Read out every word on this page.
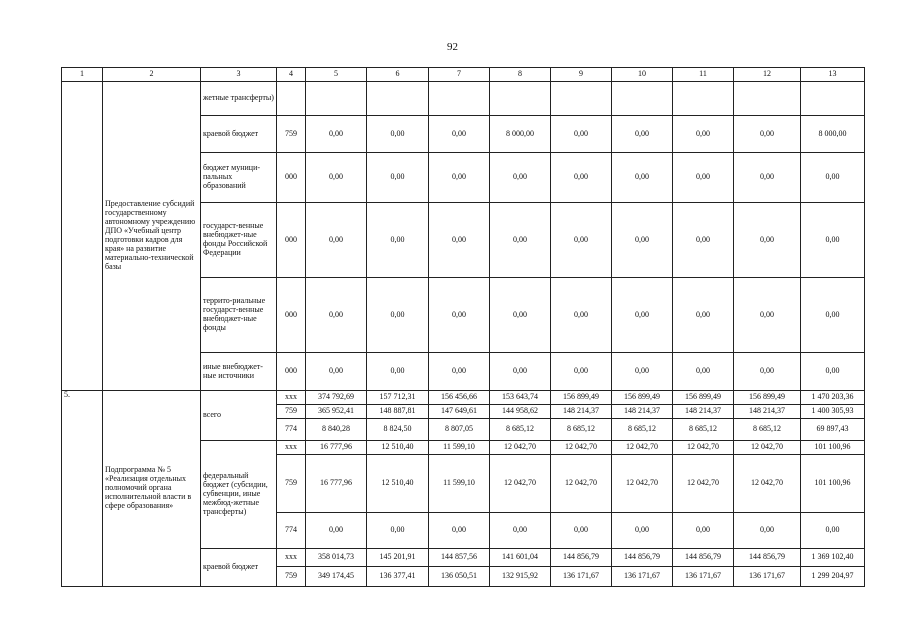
92
1	2	3	4	5	6	7	8	9	10	11	12	13
	Предоставление субсидий государственному автономному учреждению ДПО «Учебный центр подготовки кадров для края» на развитие материально-технической базы	жетные трансферты)										
		краевой бюджет	759	0,00	0,00	0,00	8 000,00	0,00	0,00	0,00	0,00	8 000,00
		бюджет муници-пальных образований	000	0,00	0,00	0,00	0,00	0,00	0,00	0,00	0,00	0,00
		государст-венные внебюджет-ные фонды Российской Федерации	000	0,00	0,00	0,00	0,00	0,00	0,00	0,00	0,00	0,00
		террито-риальные государст-венные внебюджет-ные фонды	000	0,00	0,00	0,00	0,00	0,00	0,00	0,00	0,00	0,00
		иные внебюджет-ные источники	000	0,00	0,00	0,00	0,00	0,00	0,00	0,00	0,00	0,00
5.	Подпрограмма № 5 «Реализация отдельных полномочий органа исполнительной власти в сфере образования»	всего	ххх	374 792,69	157 712,31	156 456,66	153 643,74	156 899,49	156 899,49	156 899,49	156 899,49	1 470 203,36
			759	365 952,41	148 887,81	147 649,61	144 958,62	148 214,37	148 214,37	148 214,37	148 214,37	1 400 305,93
			774	8 840,28	8 824,50	8 807,05	8 685,12	8 685,12	8 685,12	8 685,12	8 685,12	69 897,43
		федеральный бюджет (субсидии, субвенции, иные межбюд-жетные трансферты)	ххх	16 777,96	12 510,40	11 599,10	12 042,70	12 042,70	12 042,70	12 042,70	12 042,70	101 100,96
			759	16 777,96	12 510,40	11 599,10	12 042,70	12 042,70	12 042,70	12 042,70	12 042,70	101 100,96
			774	0,00	0,00	0,00	0,00	0,00	0,00	0,00	0,00	0,00
		краевой бюджет	ххх	358 014,73	145 201,91	144 857,56	141 601,04	144 856,79	144 856,79	144 856,79	144 856,79	1 369 102,40
			759	349 174,45	136 377,41	136 050,51	132 915,92	136 171,67	136 171,67	136 171,67	136 171,67	1 299 204,97
